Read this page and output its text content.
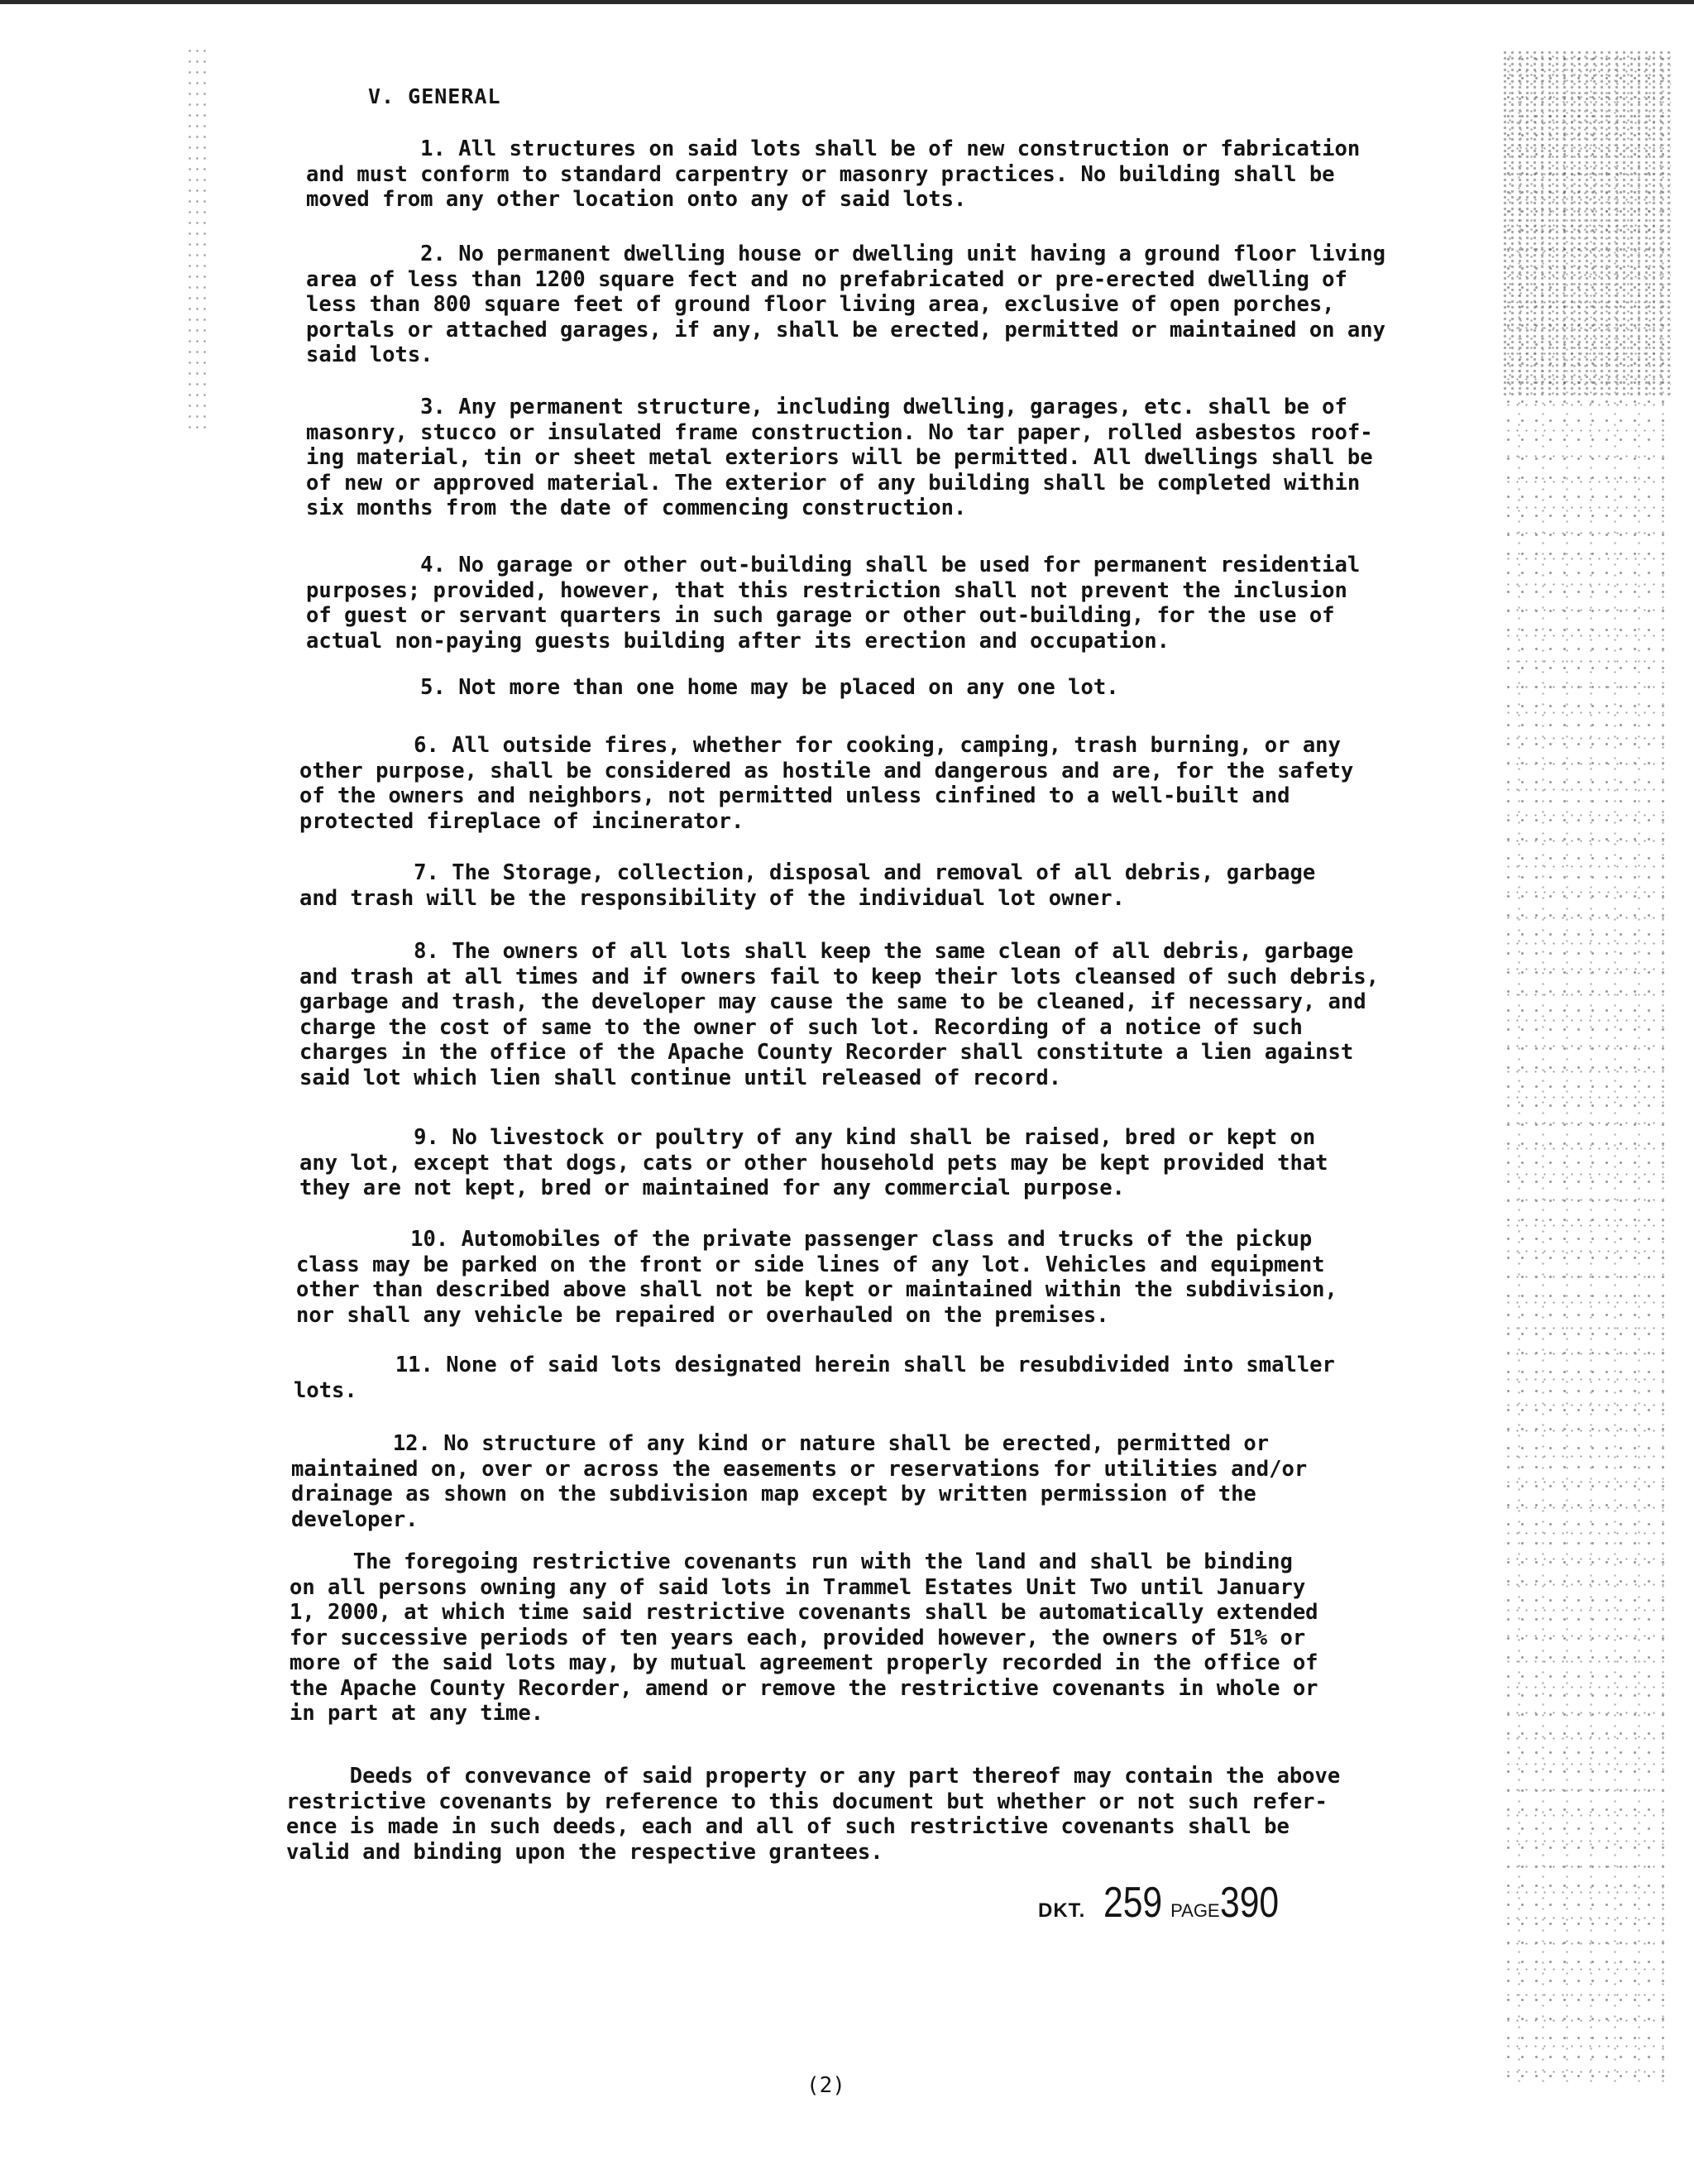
V. GENERAL
1. All structures on said lots shall be of new construction or fabrication
and must conform to standard carpentry or masonry practices. No building shall be
moved from any other location onto any of said lots.
2. No permanent dwelling house or dwelling unit having a ground floor living
area of less than 1200 square fect and no prefabricated or pre-erected dwelling of
less than 800 square feet of ground floor living area, exclusive of open porches,
portals or attached garages, if any, shall be erected, permitted or maintained on any
said lots.
3. Any permanent structure, including dwelling, garages, etc. shall be of
masonry, stucco or insulated frame construction. No tar paper, rolled asbestos roof-
ing material, tin or sheet metal exteriors will be permitted. All dwellings shall be
of new or approved material. The exterior of any building shall be completed within
six months from the date of commencing construction.
4. No garage or other out-building shall be used for permanent residential
purposes; provided, however, that this restriction shall not prevent the inclusion
of guest or servant quarters in such garage or other out-building, for the use of
actual non-paying guests building after its erection and occupation.
5. Not more than one home may be placed on any one lot.
6. All outside fires, whether for cooking, camping, trash burning, or any
other purpose, shall be considered as hostile and dangerous and are, for the safety
of the owners and neighbors, not permitted unless cinfined to a well-built and
protected fireplace of incinerator.
7. The Storage, collection, disposal and removal of all debris, garbage
and trash will be the responsibility of the individual lot owner.
8. The owners of all lots shall keep the same clean of all debris, garbage
and trash at all times and if owners fail to keep their lots cleansed of such debris,
garbage and trash, the developer may cause the same to be cleaned, if necessary, and
charge the cost of same to the owner of such lot. Recording of a notice of such
charges in the office of the Apache County Recorder shall constitute a lien against
said lot which lien shall continue until released of record.
9. No livestock or poultry of any kind shall be raised, bred or kept on
any lot, except that dogs, cats or other household pets may be kept provided that
they are not kept, bred or maintained for any commercial purpose.
10. Automobiles of the private passenger class and trucks of the pickup
class may be parked on the front or side lines of any lot. Vehicles and equipment
other than described above shall not be kept or maintained within the subdivision,
nor shall any vehicle be repaired or overhauled on the premises.
11. None of said lots designated herein shall be resubdivided into smaller
lots.
12. No structure of any kind or nature shall be erected, permitted or
maintained on, over or across the easements or reservations for utilities and/or
drainage as shown on the subdivision map except by written permission of the
developer.
The foregoing restrictive covenants run with the land and shall be binding
on all persons owning any of said lots in Trammel Estates Unit Two until January
1, 2000, at which time said restrictive covenants shall be automatically extended
for successive periods of ten years each, provided however, the owners of 51% or
more of the said lots may, by mutual agreement properly recorded in the office of
the Apache County Recorder, amend or remove the restrictive covenants in whole or
in part at any time.
Deeds of convevance of said property or any part thereof may contain the above
restrictive covenants by reference to this document but whether or not such refer-
ence is made in such deeds, each and all of such restrictive covenants shall be
valid and binding upon the respective grantees.
DKT. 259 PAGE390
(2)
